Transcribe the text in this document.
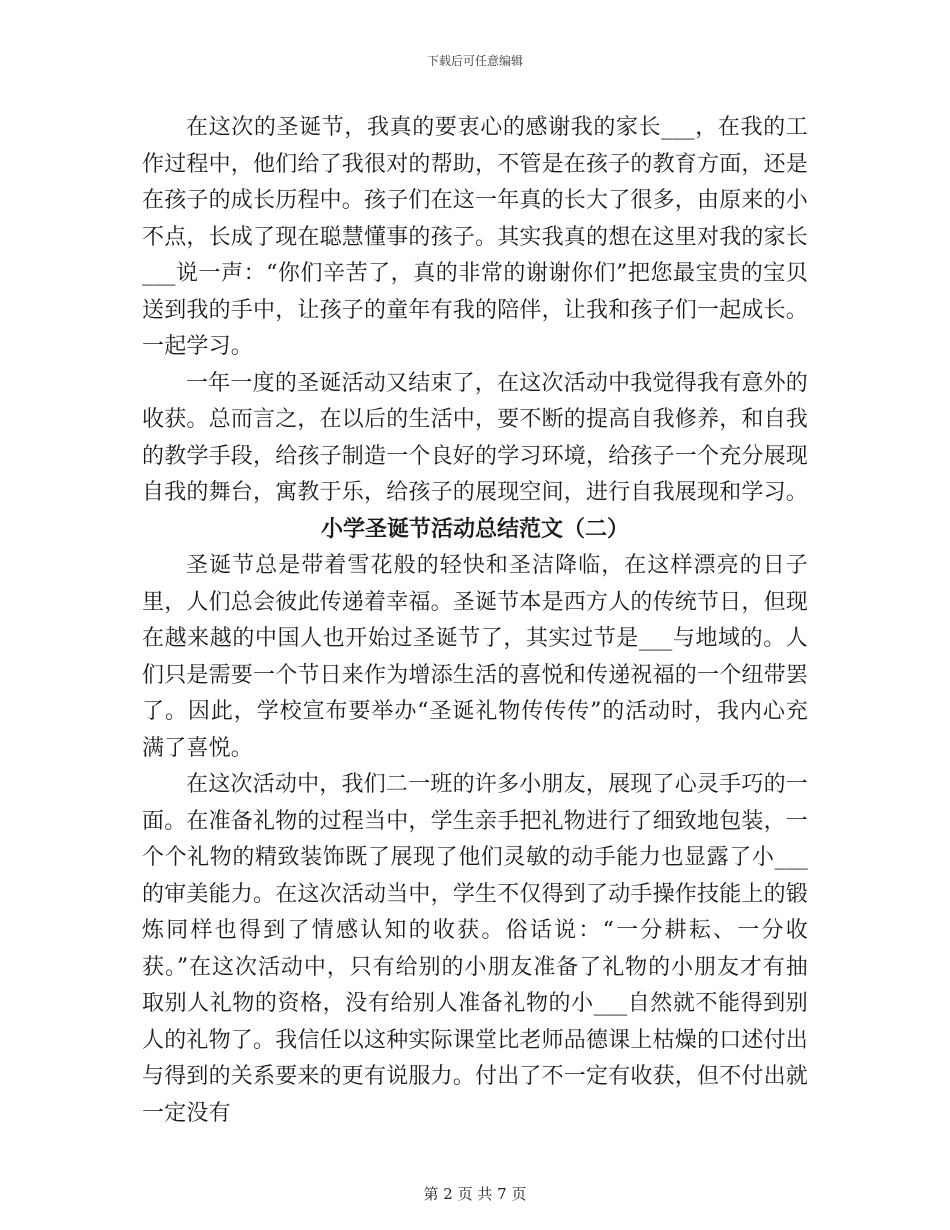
下载后可任意编辑

在这次的圣诞节，我真的要衷心的感谢我的家长___，在我的工作过程中，他们给了我很对的帮助，不管是在孩子的教育方面，还是在孩子的成长历程中。孩子们在这一年真的长大了很多，由原来的小不点，长成了现在聪慧懂事的孩子。其实我真的想在这里对我的家长___说一声：“你们辛苦了，真的非常的谢谢你们”把您最宝贵的宝贝送到我的手中，让孩子的童年有我的陪伴，让我和孩子们一起成长。一起学习。

一年一度的圣诞活动又结束了，在这次活动中我觉得我有意外的收获。总而言之，在以后的生活中，要不断的提高自我修养，和自我的教学手段，给孩子制造一个良好的学习环境，给孩子一个充分展现自我的舞台，寓教于乐，给孩子的展现空间，进行自我展现和学习。

小学圣诞节活动总结范文（二）

圣诞节总是带着雪花般的轻快和圣洁降临，在这样漂亮的日子里，人们总会彼此传递着幸福。圣诞节本是西方人的传统节日，但现在越来越的中国人也开始过圣诞节了，其实过节是___与地域的。人们只是需要一个节日来作为增添生活的喜悦和传递祝福的一个纽带罢了。因此，学校宣布要举办“圣诞礼物传传传”的活动时，我内心充满了喜悦。

在这次活动中，我们二一班的许多小朋友，展现了心灵手巧的一面。在准备礼物的过程当中，学生亲手把礼物进行了细致地包装，一个个礼物的精致装饰既了展现了他们灵敏的动手能力也显露了小___的审美能力。在这次活动当中，学生不仅得到了动手操作技能上的锻炼同样也得到了情感认知的收获。俗话说：“一分耕耘、一分收获。”在这次活动中，只有给别的小朋友准备了礼物的小朋友才有抽取别人礼物的资格，没有给别人准备礼物的小___自然就不能得到别人的礼物了。我信任以这种实际课堂比老师品德课上枯燥的口述付出与得到的关系要来的更有说服力。付出了不一定有收获，但不付出就一定没有

第 2 页 共 7 页
